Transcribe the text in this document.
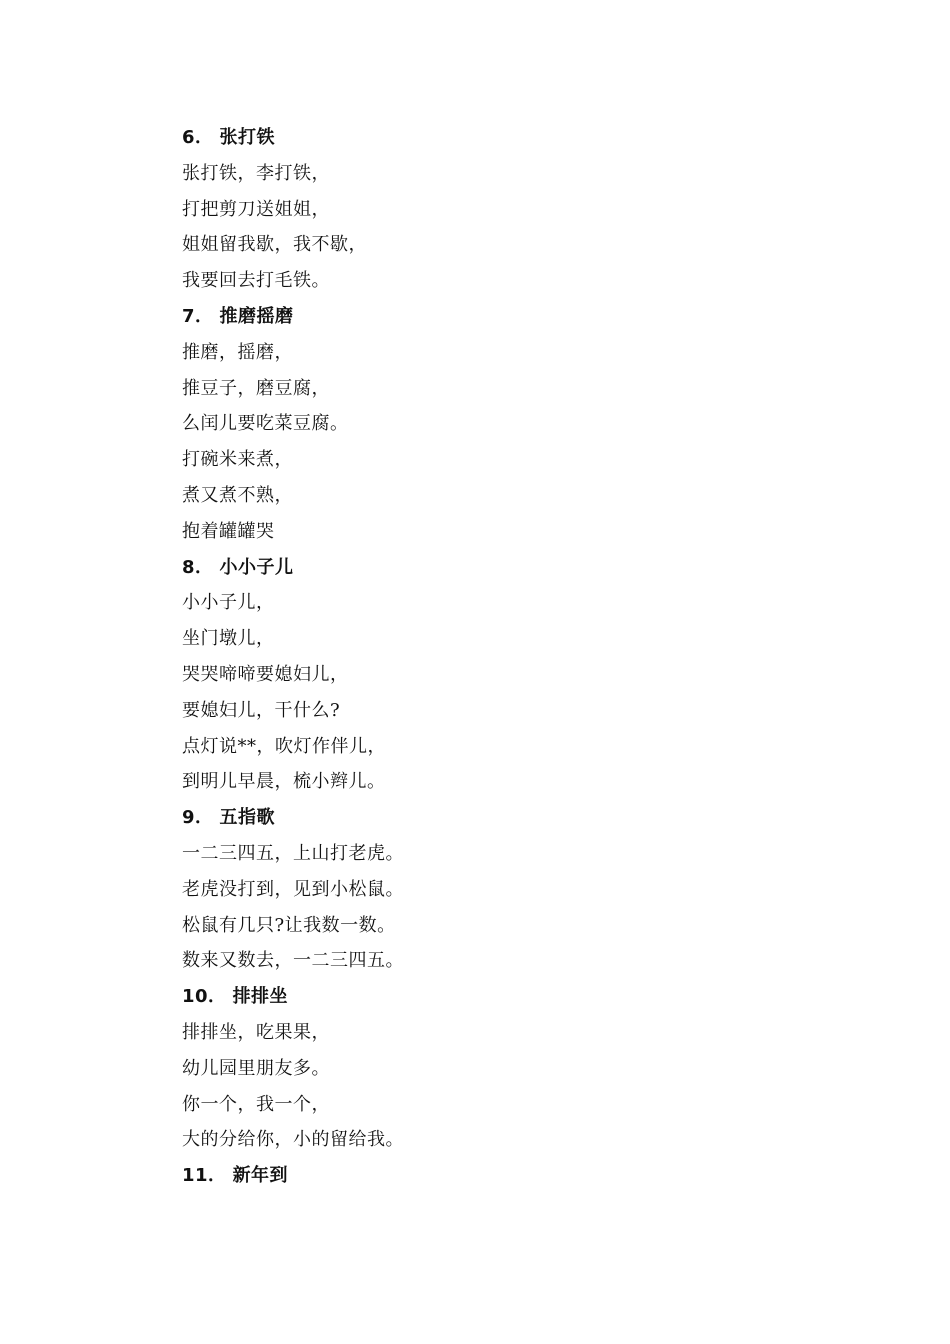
6． 张打铁
张打铁，李打铁，
打把剪刀送姐姐，
姐姐留我歇，我不歇，
我要回去打毛铁。
7． 推磨摇磨
推磨，摇磨，
推豆子，磨豆腐，
么闰儿要吃菜豆腐。
打碗米来煮，
煮又煮不熟，
抱着罐罐哭
8． 小小子儿
小小子儿，
坐门墩儿，
哭哭啼啼要媳妇儿，
要媳妇儿，干什么?
点灯说**，吹灯作伴儿，
到明儿早晨，梳小辫儿。
9． 五指歌
一二三四五，上山打老虎。
老虎没打到，见到小松鼠。
松鼠有几只?让我数一数。
数来又数去，一二三四五。
10． 排排坐
排排坐，吃果果，
幼儿园里朋友多。
你一个，我一个，
大的分给你，小的留给我。
11． 新年到
